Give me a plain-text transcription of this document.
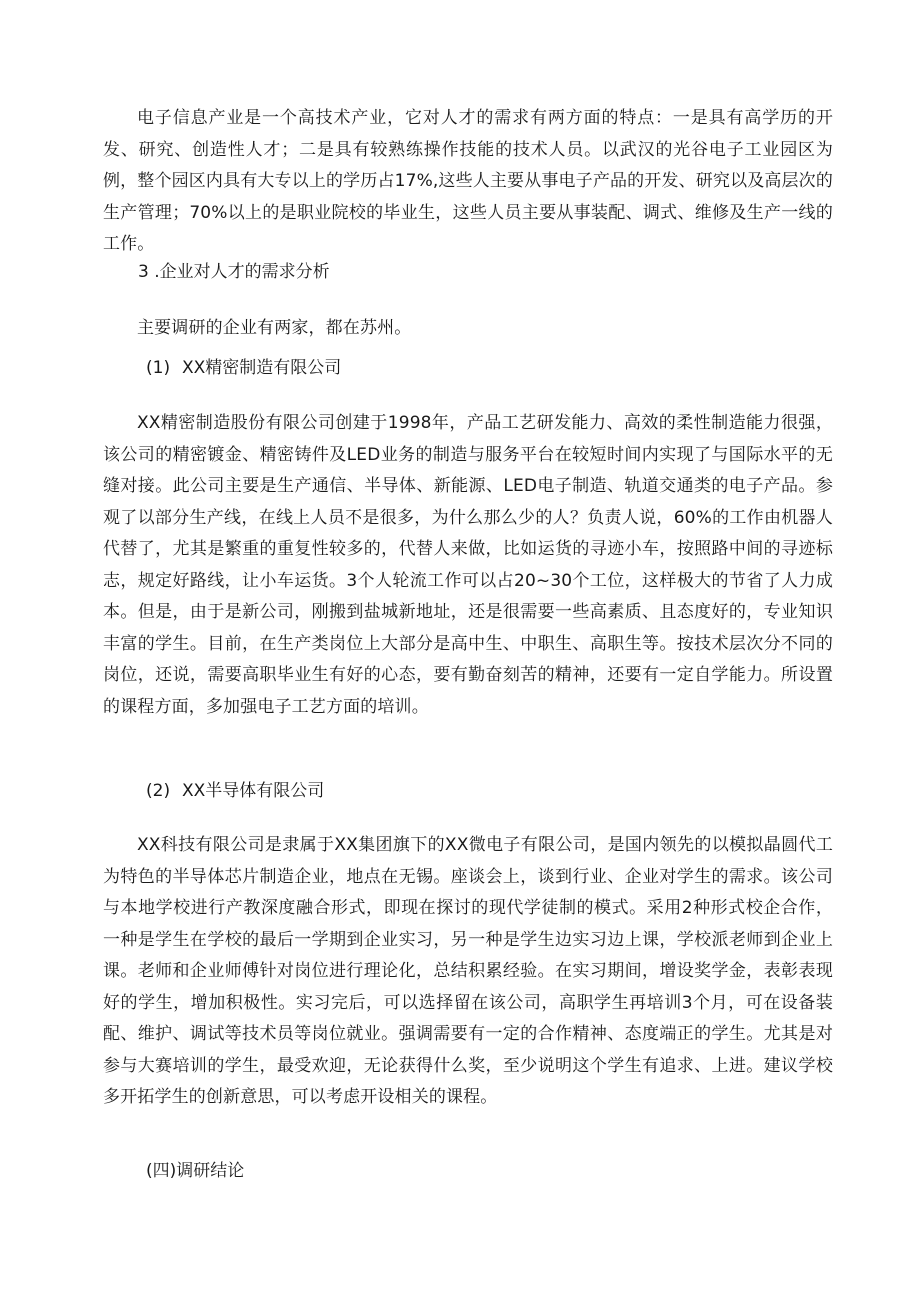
电子信息产业是一个高技术产业，它对人才的需求有两方面的特点：一是具有高学历的开发、研究、创造性人才；二是具有较熟练操作技能的技术人员。以武汉的光谷电子工业园区为例，整个园区内具有大专以上的学历占17%,这些人主要从事电子产品的开发、研究以及高层次的生产管理；70%以上的是职业院校的毕业生，这些人员主要从事装配、调式、维修及生产一线的工作。

3 .企业对人才的需求分析

主要调研的企业有两家，都在苏州。

(1) XX精密制造有限公司

XX精密制造股份有限公司创建于1998年，产品工艺研发能力、高效的柔性制造能力很强，该公司的精密镀金、精密铸件及LED业务的制造与服务平台在较短时间内实现了与国际水平的无缝对接。此公司主要是生产通信、半导体、新能源、LED电子制造、轨道交通类的电子产品。参观了以部分生产线，在线上人员不是很多，为什么那么少的人？负责人说，60%的工作由机器人代替了，尤其是繁重的重复性较多的，代替人来做，比如运货的寻迹小车，按照路中间的寻迹标志，规定好路线，让小车运货。3个人轮流工作可以占20~30个工位，这样极大的节省了人力成本。但是，由于是新公司，刚搬到盐城新地址，还是很需要一些高素质、且态度好的，专业知识丰富的学生。目前，在生产类岗位上大部分是高中生、中职生、高职生等。按技术层次分不同的岗位，还说，需要高职毕业生有好的心态，要有勤奋刻苦的精神，还要有一定自学能力。所设置的课程方面，多加强电子工艺方面的培训。

(2) XX半导体有限公司

XX科技有限公司是隶属于XX集团旗下的XX微电子有限公司，是国内领先的以模拟晶圆代工为特色的半导体芯片制造企业，地点在无锡。座谈会上，谈到行业、企业对学生的需求。该公司与本地学校进行产教深度融合形式，即现在探讨的现代学徒制的模式。采用2种形式校企合作，一种是学生在学校的最后一学期到企业实习，另一种是学生边实习边上课，学校派老师到企业上课。老师和企业师傅针对岗位进行理论化，总结积累经验。在实习期间，增设奖学金，表彰表现好的学生，增加积极性。实习完后，可以选择留在该公司，高职学生再培训3个月，可在设备装配、维护、调试等技术员等岗位就业。强调需要有一定的合作精神、态度端正的学生。尤其是对参与大赛培训的学生，最受欢迎，无论获得什么奖，至少说明这个学生有追求、上进。建议学校多开拓学生的创新意思，可以考虑开设相关的课程。

(四)调研结论
